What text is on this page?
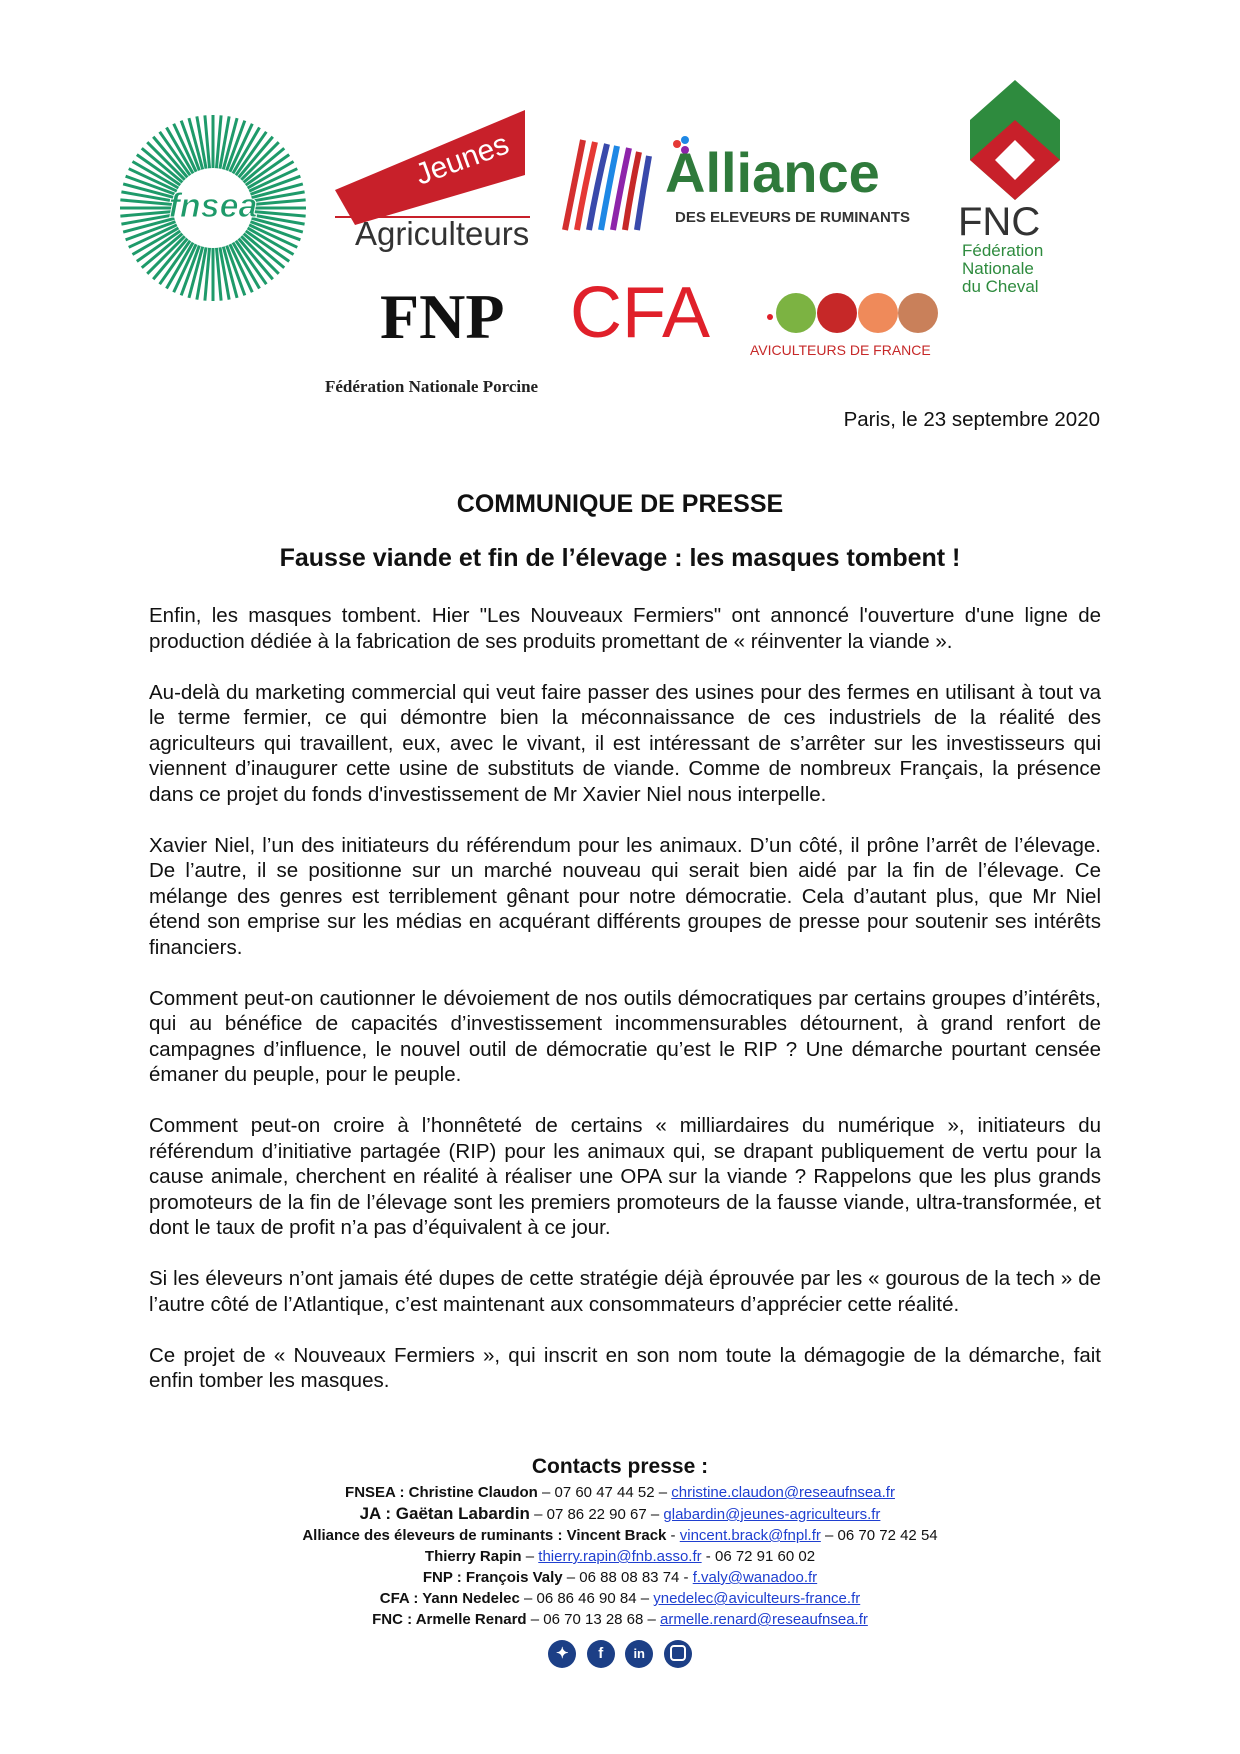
fnsea
Jeunes
Agriculteurs
Alliance
DES ELEVEURS DE RUMINANTS FNC
Fédération
Nationale
du Cheval
FNP
Fédération Nationale Porcine
CFA	AVICULTEURS DE FRANCE
Paris, le 23 septembre 2020
COMMUNIQUE DE PRESSE
Fausse viande et fin de l’élevage : les masques tombent !

Enfin, les masques tombent. Hier "Les Nouveaux Fermiers" ont annoncé l'ouverture d'une ligne de production dédiée à la fabrication de ses produits promettant de « réinventer la viande ».

Au-delà du marketing commercial qui veut faire passer des usines pour des fermes en utilisant à tout va le terme fermier, ce qui démontre bien la méconnaissance de ces industriels de la réalité des agriculteurs qui travaillent, eux, avec le vivant, il est intéressant de s’arrêter sur les investisseurs qui viennent d’inaugurer cette usine de substituts de viande. Comme de nombreux Français, la présence dans ce projet du fonds d'investissement de Mr Xavier Niel nous interpelle.

Xavier Niel, l’un des initiateurs du référendum pour les animaux. D’un côté, il prône l’arrêt de l’élevage. De l’autre, il se positionne sur un marché nouveau qui serait bien aidé par la fin de l’élevage. Ce mélange des genres est terriblement gênant pour notre démocratie. Cela d’autant plus, que Mr Niel étend son emprise sur les médias en acquérant différents groupes de presse pour soutenir ses intérêts financiers.

Comment peut-on cautionner le dévoiement de nos outils démocratiques par certains groupes d’intérêts, qui au bénéfice de capacités d’investissement incommensurables détournent, à grand renfort de campagnes d’influence, le nouvel outil de démocratie qu’est le RIP ? Une démarche pourtant censée émaner du peuple, pour le peuple.

Comment peut-on croire à l’honnêteté de certains « milliardaires du numérique », initiateurs du référendum d’initiative partagée (RIP) pour les animaux qui, se drapant publiquement de vertu pour la cause animale, cherchent en réalité à réaliser une OPA sur la viande ? Rappelons que les plus grands promoteurs de la fin de l’élevage sont les premiers promoteurs de la fausse viande, ultra-transformée, et dont le taux de profit n’a pas d’équivalent à ce jour.

Si les éleveurs n’ont jamais été dupes de cette stratégie déjà éprouvée par les « gourous de la tech » de l’autre côté de l’Atlantique, c’est maintenant aux consommateurs d’apprécier cette réalité.

Ce projet de « Nouveaux Fermiers », qui inscrit en son nom toute la démagogie de la démarche, fait enfin tomber les masques.

Contacts presse :
FNSEA : Christine Claudon – 07 60 47 44 52 – christine.claudon@reseaufnsea.fr
JA : Gaëtan Labardin – 07 86 22 90 67 – glabardin@jeunes-agriculteurs.fr
Alliance des éleveurs de ruminants : Vincent Brack - vincent.brack@fnpl.fr – 06 70 72 42 54
Thierry Rapin – thierry.rapin@fnb.asso.fr - 06 72 91 60 02
FNP : François Valy – 06 88 08 83 74 - f.valy@wanadoo.fr
CFA : Yann Nedelec – 06 86 46 90 84 – ynedelec@aviculteurs-france.fr
FNC : Armelle Renard – 06 70 13 28 68 – armelle.renard@reseaufnsea.fr
✦ f in
